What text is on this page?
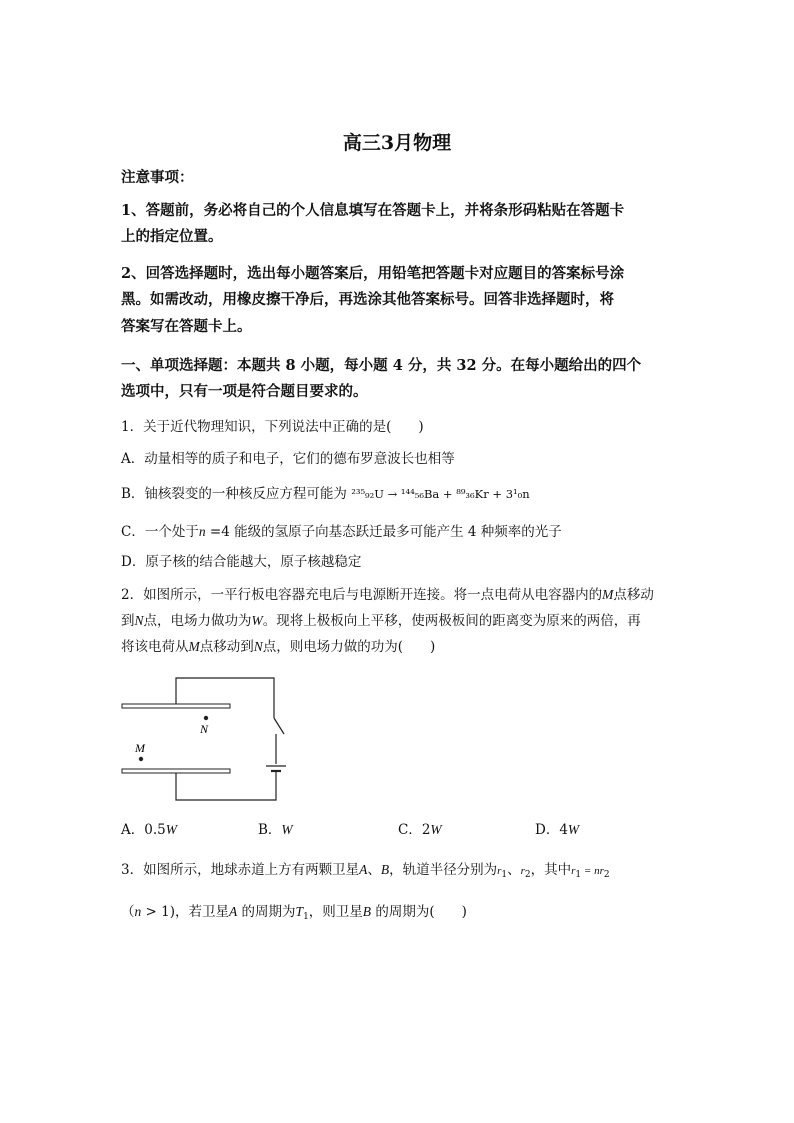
高三3月物理
注意事项：
1、答题前，务必将自己的个人信息填写在答题卡上，并将条形码粘贴在答题卡
上的指定位置。
2、回答选择题时，选出每小题答案后，用铅笔把答题卡对应题目的答案标号涂
黑。如需改动，用橡皮擦干净后，再选涂其他答案标号。回答非选择题时，将
答案写在答题卡上。
一、单项选择题：本题共 8 小题，每小题 4 分，共 32 分。在每小题给出的四个
选项中，只有一项是符合题目要求的。
1．关于近代物理知识，下列说法中正确的是(　　)
A．动量相等的质子和电子，它们的德布罗意波长也相等
B．铀核裂变的一种核反应方程可能为 ²³⁵₉₂U → ¹⁴⁴₅₆Ba + ⁸⁹₃₆Kr + 3¹₀n
C．一个处于n =4 能级的氢原子向基态跃迁最多可能产生 4 种频率的光子
D．原子核的结合能越大，原子核越稳定
2．如图所示，一平行板电容器充电后与电源断开连接。将一点电荷从电容器内的M点移动
到N点，电场力做功为W。现将上极板向上平移，使两极板间的距离变为原来的两倍，再
将该电荷从M点移动到N点，则电场力做的功为(　　)
N
M
A．0.5W	B．W	C．2W	D．4W
3．如图所示，地球赤道上方有两颗卫星A、B，轨道半径分别为$r_1$、$r_2$，其中$r_1 = nr_2$
（n > 1)，若卫星A 的周期为$T_1$，则卫星B 的周期为(　　)
